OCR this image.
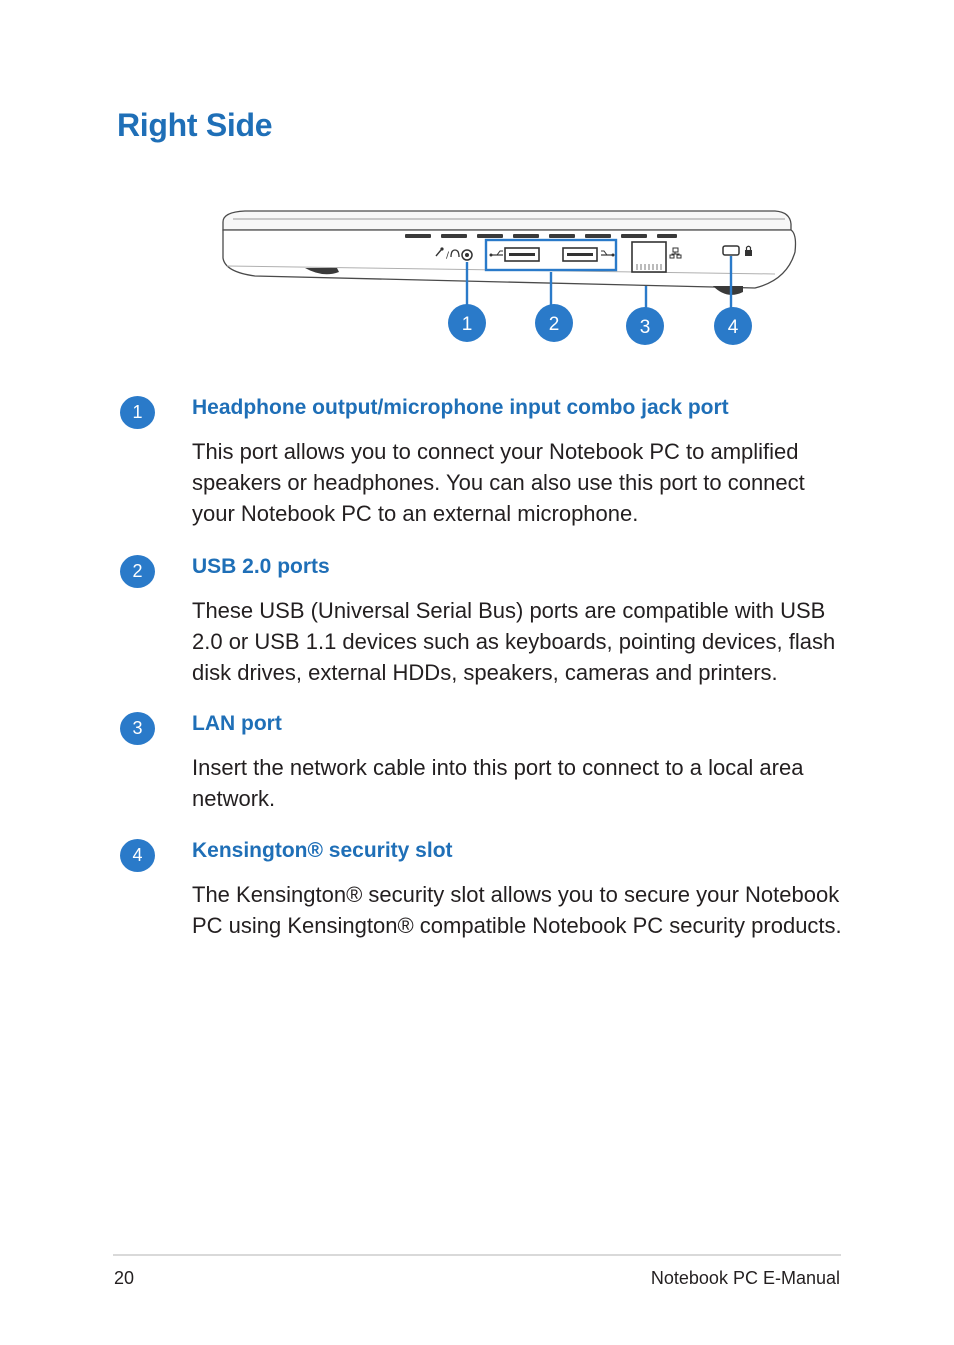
Right Side
/
1	2	3	4
1	Headphone output/microphone input combo jack port

This port allows you to connect your Notebook PC to amplified speakers or headphones. You can also use this port to connect your Notebook PC to an external microphone.

2	USB 2.0 ports

These USB (Universal Serial Bus) ports are compatible with USB 2.0 or USB 1.1 devices such as keyboards, pointing devices, flash disk drives, external HDDs, speakers, cameras and printers.

3	LAN port

Insert the network cable into this port to connect to a local area network.

4	Kensington® security slot

The Kensington® security slot allows you to secure your Notebook PC using Kensington® compatible Notebook PC security products.

20	Notebook PC E-Manual
